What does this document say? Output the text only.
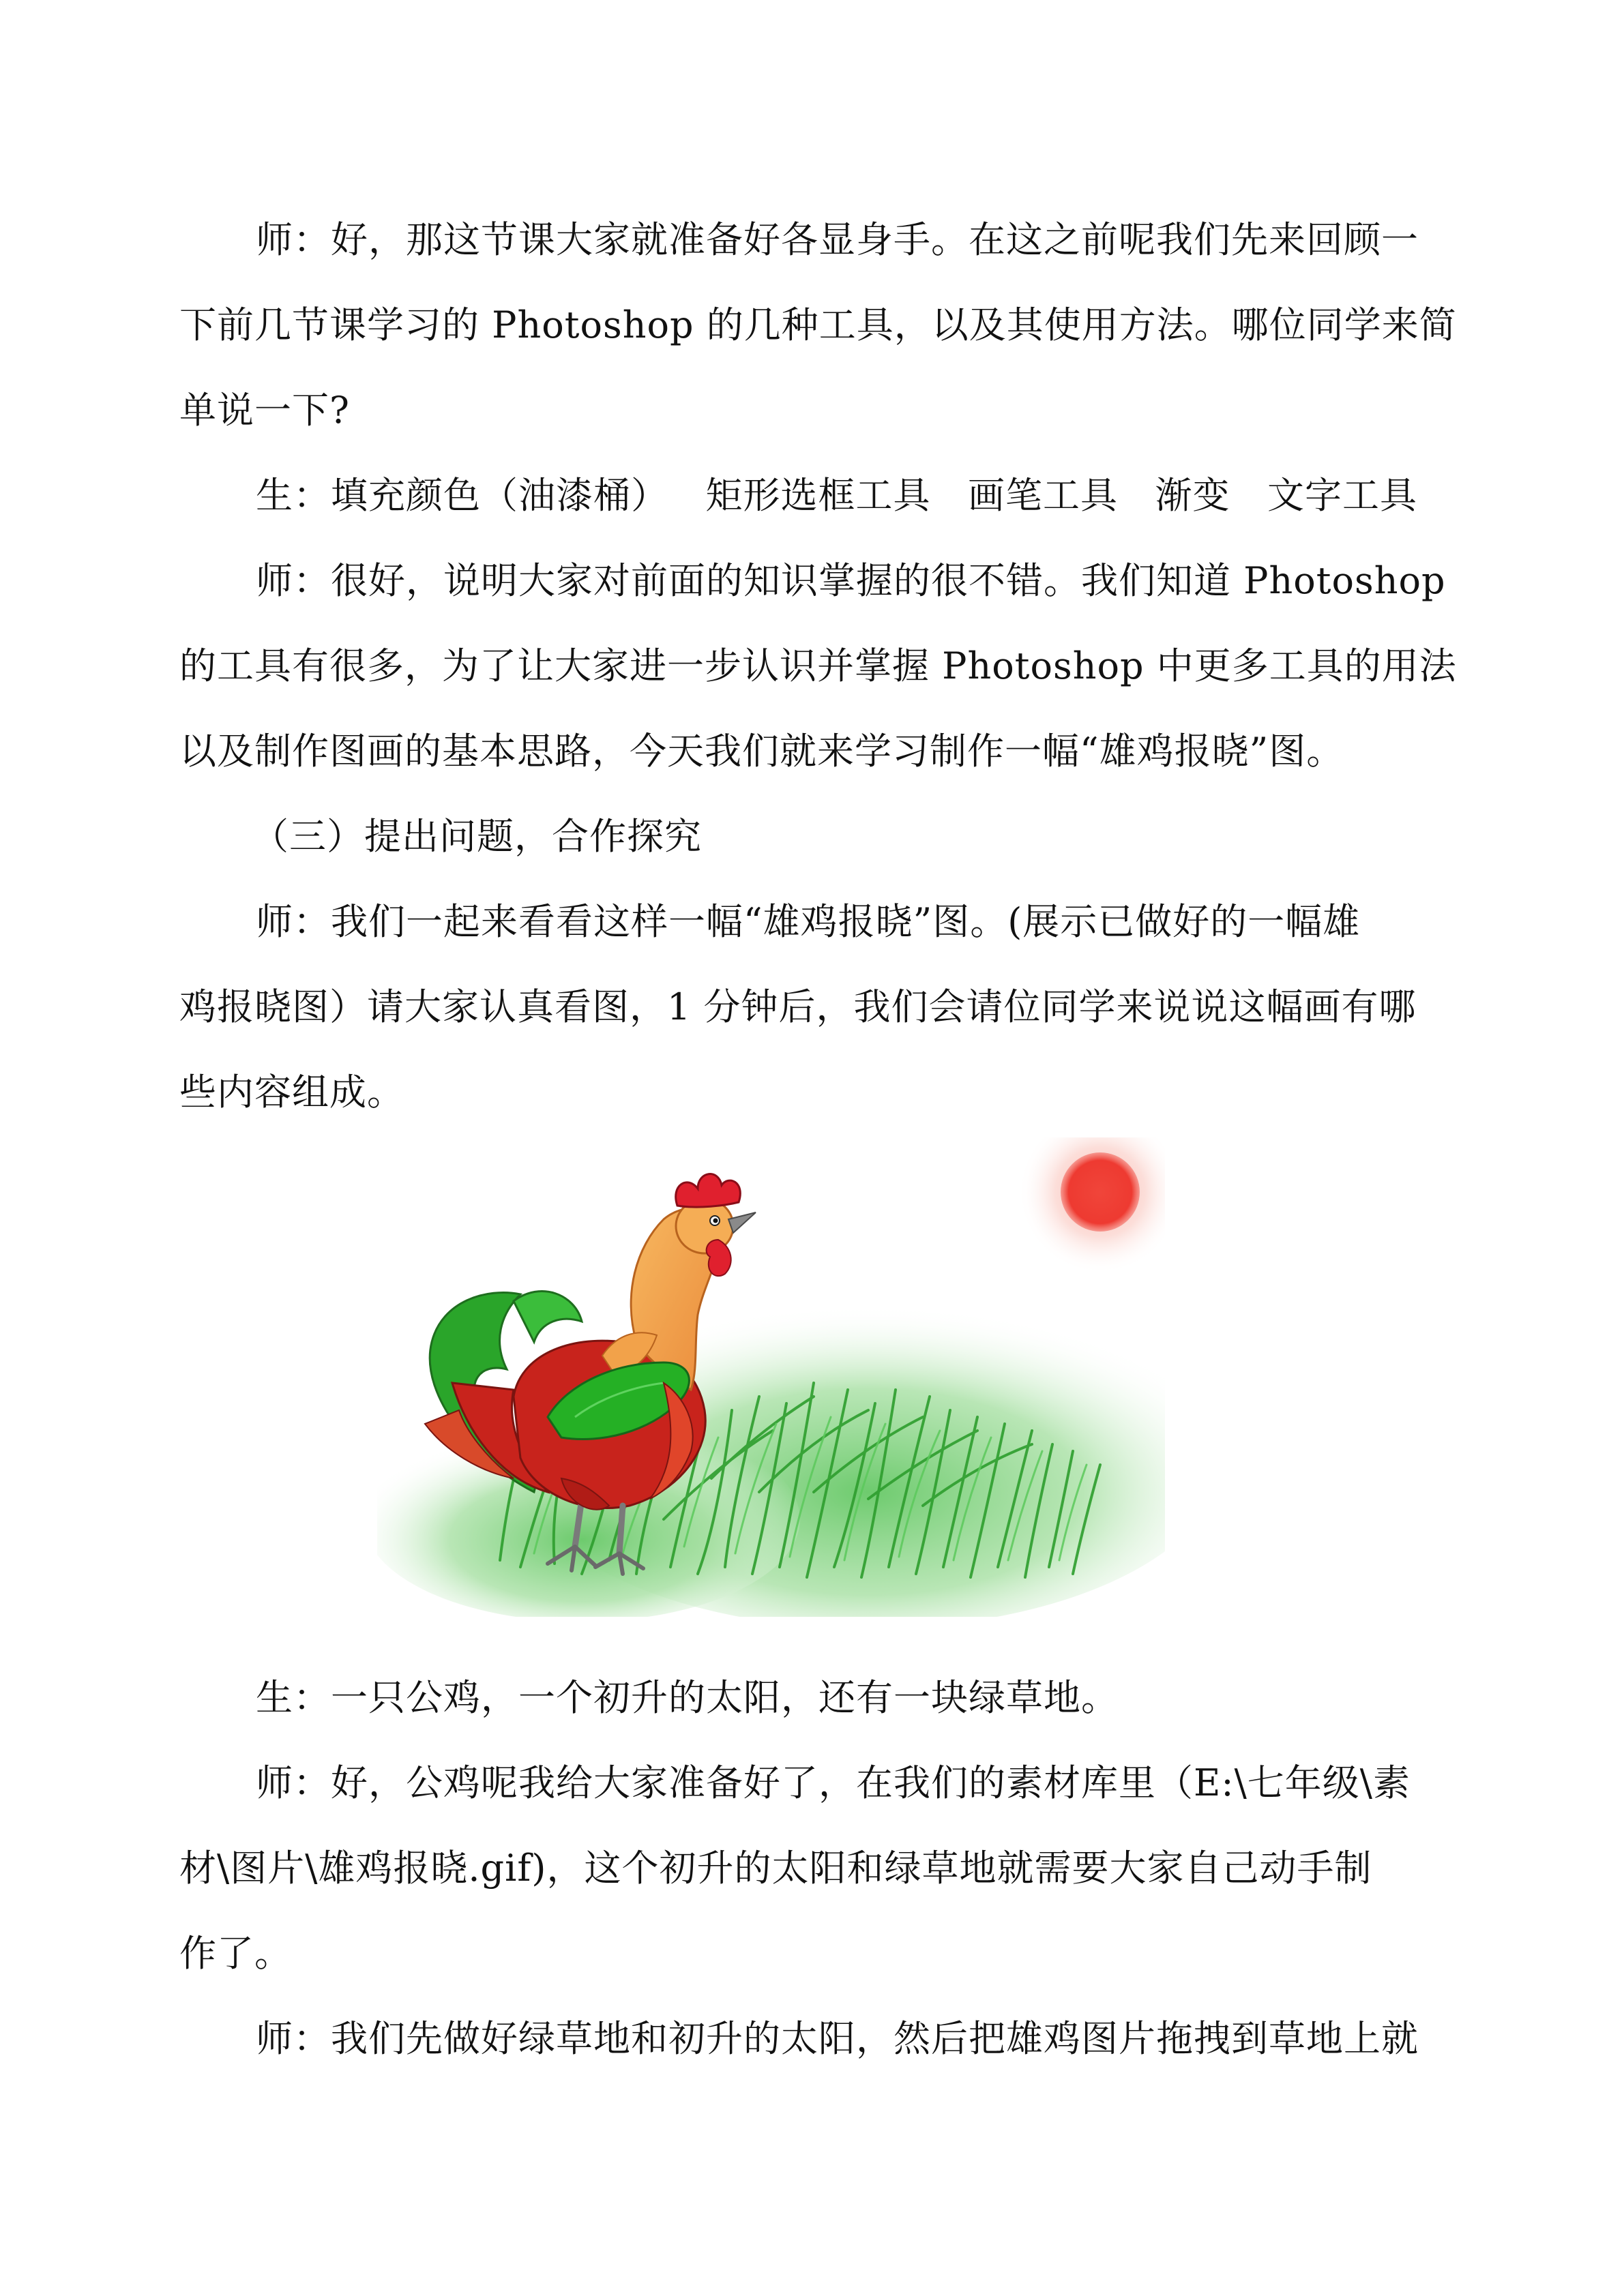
师：好，那这节课大家就准备好各显身手。在这之前呢我们先来回顾一
下前几节课学习的 Photoshop 的几种工具，以及其使用方法。哪位同学来简
单说一下?

生：填充颜色（油漆桶）   矩形选框工具   画笔工具   渐变   文字工具

师：很好，说明大家对前面的知识掌握的很不错。我们知道 Photoshop
的工具有很多，为了让大家进一步认识并掌握 Photoshop 中更多工具的用法
以及制作图画的基本思路，今天我们就来学习制作一幅“雄鸡报晓”图。

（三）提出问题，合作探究

师：我们一起来看看这样一幅“雄鸡报晓”图。(展示已做好的一幅雄
鸡报晓图）请大家认真看图，1 分钟后，我们会请位同学来说说这幅画有哪
些内容组成。

生：一只公鸡，一个初升的太阳，还有一块绿草地。

师：好，公鸡呢我给大家准备好了，在我们的素材库里（E:\七年级\素
材\图片\雄鸡报晓.gif)，这个初升的太阳和绿草地就需要大家自己动手制
作了。

师：我们先做好绿草地和初升的太阳，然后把雄鸡图片拖拽到草地上就
